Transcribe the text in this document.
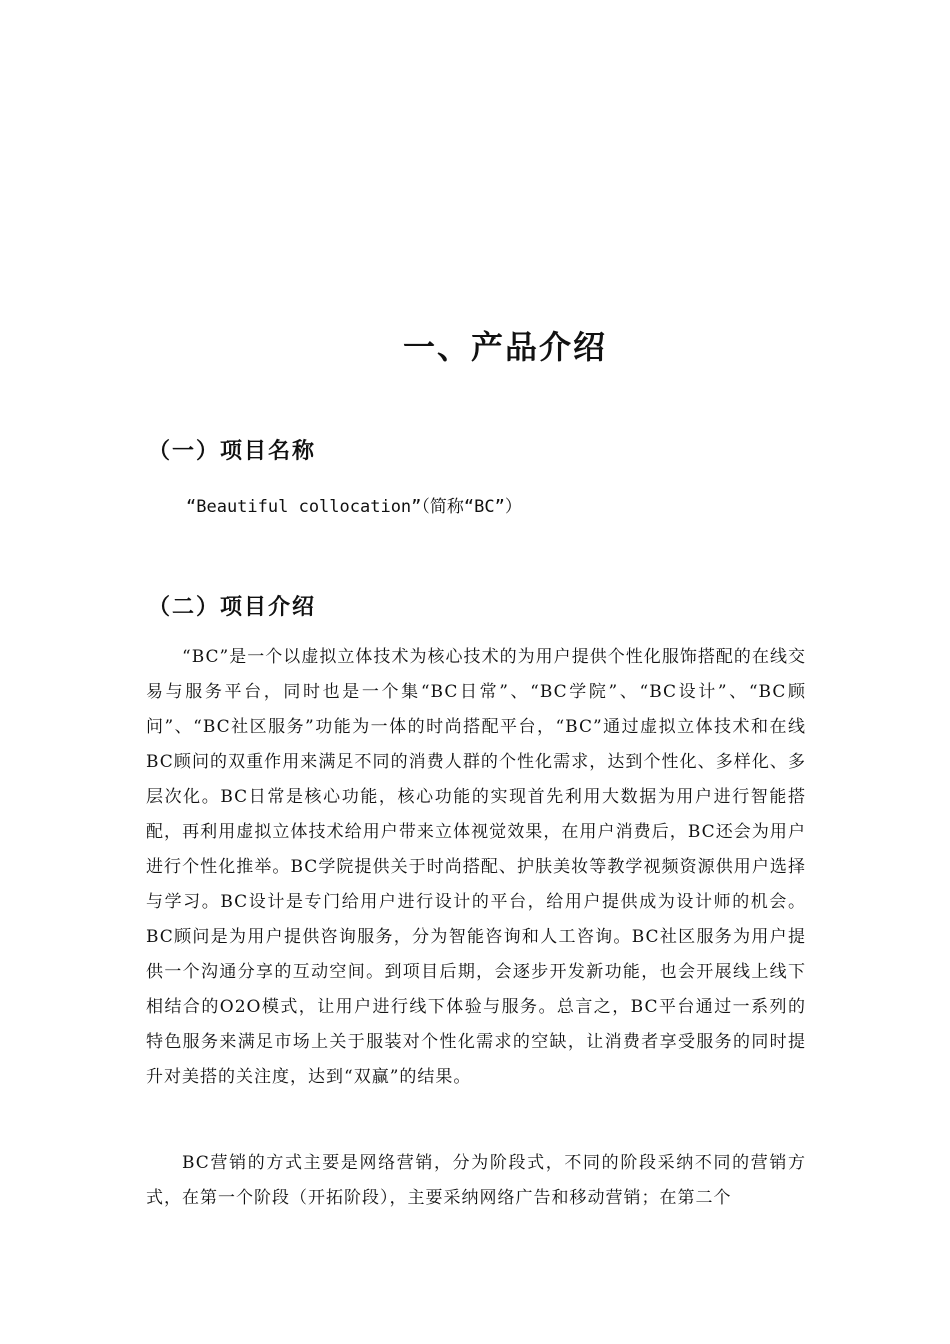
一、产品介绍
（一）项目名称

“Beautiful collocation”（简称“BC”）

（二）项目介绍

“BC”是一个以虚拟立体技术为核心技术的为用户提供个性化服饰搭配的在线交易与服务平台，同时也是一个集“BC日常”、“BC学院”、“BC设计”、“BC顾问”、“BC社区服务”功能为一体的时尚搭配平台，“BC”通过虚拟立体技术和在线BC顾问的双重作用来满足不同的消费人群的个性化需求，达到个性化、多样化、多层次化。BC日常是核心功能，核心功能的实现首先利用大数据为用户进行智能搭配，再利用虚拟立体技术给用户带来立体视觉效果，在用户消费后，BC还会为用户进行个性化推举。BC学院提供关于时尚搭配、护肤美妆等教学视频资源供用户选择与学习。BC设计是专门给用户进行设计的平台，给用户提供成为设计师的机会。BC顾问是为用户提供咨询服务，分为智能咨询和人工咨询。BC社区服务为用户提供一个沟通分享的互动空间。到项目后期，会逐步开发新功能，也会开展线上线下相结合的O2O模式，让用户进行线下体验与服务。总言之，BC平台通过一系列的特色服务来满足市场上关于服装对个性化需求的空缺，让消费者享受服务的同时提升对美搭的关注度，达到“双赢”的结果。

BC营销的方式主要是网络营销，分为阶段式，不同的阶段采纳不同的营销方式，在第一个阶段（开拓阶段），主要采纳网络广告和移动营销；在第二个
